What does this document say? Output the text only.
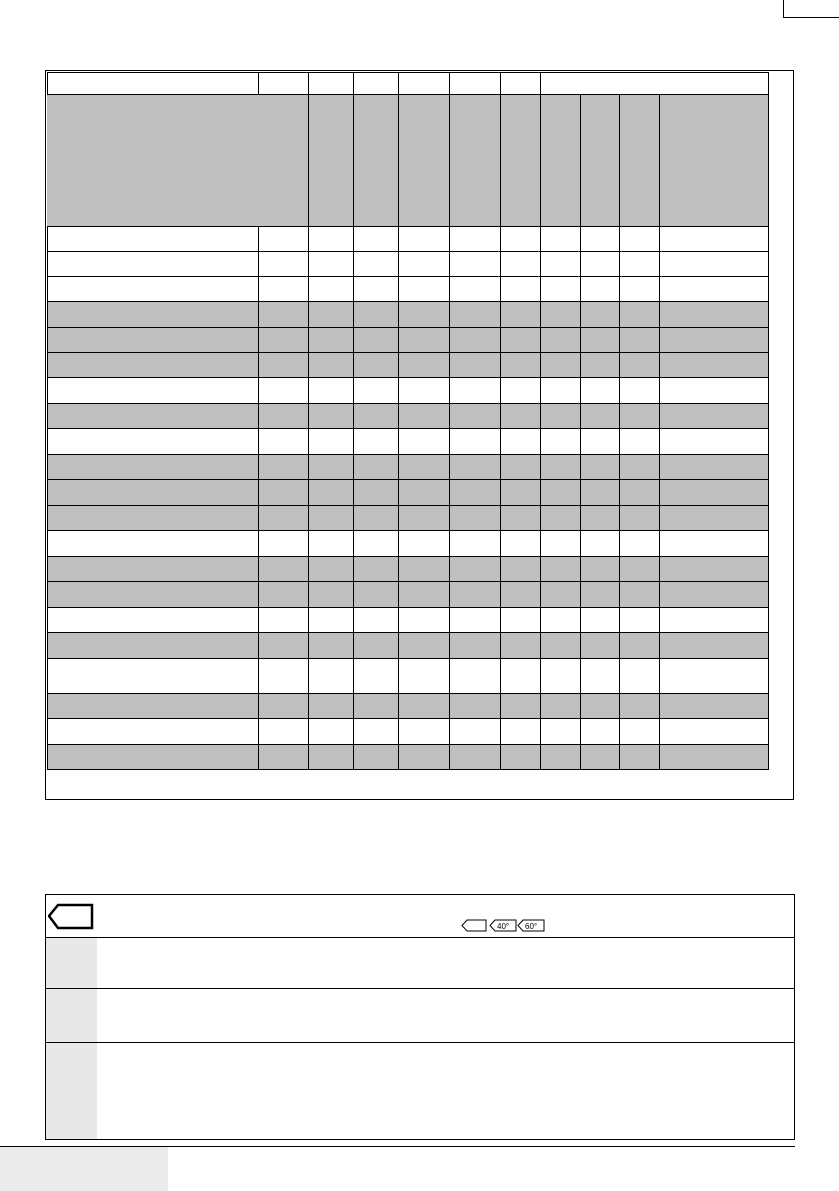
40° 60°
